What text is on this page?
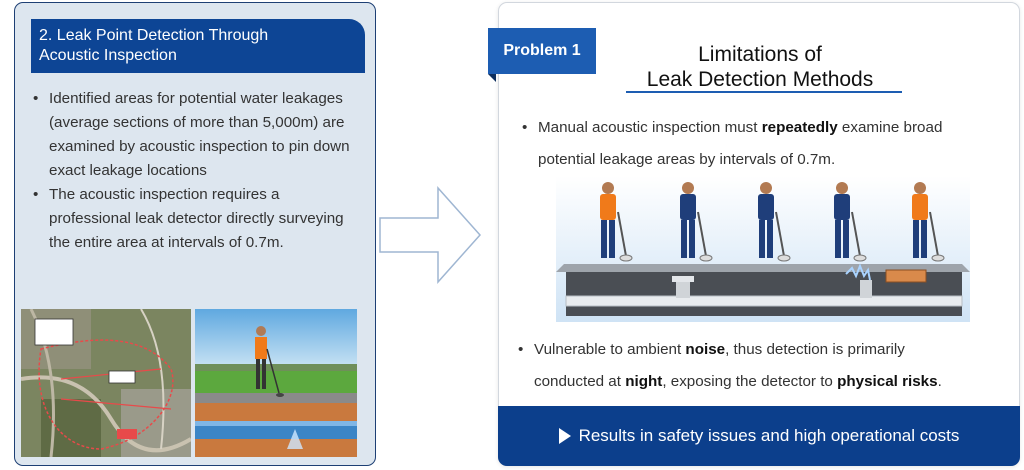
2. Leak Point Detection Through
Acoustic Inspection
• Identified areas for potential water leakages (average sections of more than 5,000m) are examined by acoustic inspection to pin down exact leakage locations
• The acoustic inspection requires a professional leak detector directly surveying the entire area at intervals of 0.7m.
Problem 1	Limitations of
Leak Detection Methods
• Manual acoustic inspection must repeatedly examine broad
potential leakage areas by intervals of 0.7m.
• Vulnerable to ambient noise, thus detection is primarily
conducted at night, exposing the detector to physical risks.
Results in safety issues and high operational costs
